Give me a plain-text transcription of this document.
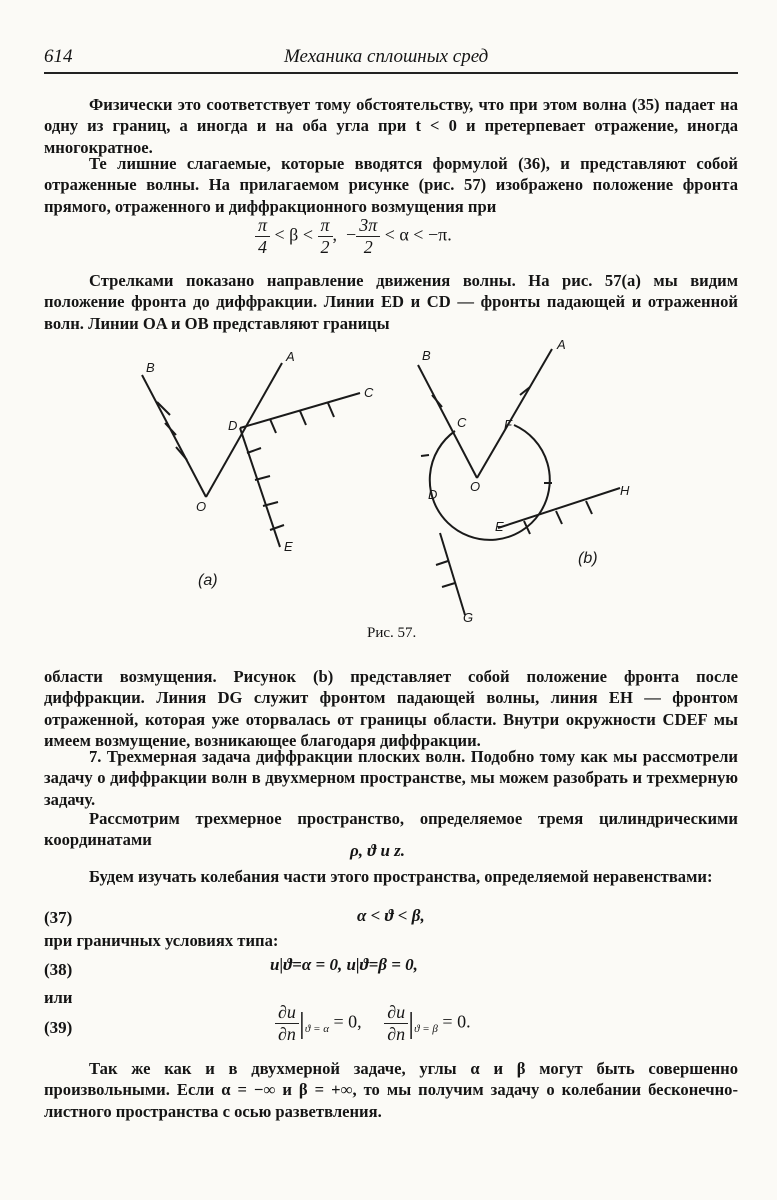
614	Механика сплошных сред

Физически это соответствует тому обстоятельству, что при этом волна (35) падает на одну из границ, а иногда и на оба угла при t < 0 и претерпевает отражение, иногда многократное.

Те лишние слагаемые, которые вводятся формулой (36), и представляют собой отраженные волны. На прилагаемом рисунке (рис. 57) изображено положение фронта прямого, отраженного и диффракционного возмущения при

$\frac{\pi}{4} < \beta < \frac{\pi}{2}$ , − $\frac{3\pi}{2} < \alpha < -\pi$.

Стрелками показано направление движения волны. На рис. 57(a) мы видим положение фронта до диффракции. Линии ED и CD — фронты падающей и отраженной волн. Линии OA и OB представляют границы

B
A
C
D
O
E
(a)
B
A
C	F
O
D
E
H
G
(b)
Рис. 57.

области возмущения. Рисунок (b) представляет собой положение фронта после диффракции. Линия DG служит фронтом падающей волны, линия EH — фронтом отраженной, которая уже оторвалась от границы области. Внутри окружности CDEF мы имеем возмущение, возникающее благодаря диффракции.

7. Трехмерная задача диффракции плоских волн. Подобно тому как мы рассмотрели задачу о диффракции волн в двухмерном пространстве, мы можем разобрать и трехмерную задачу.

Рассмотрим трехмерное пространство, определяемое тремя цилиндрическими координатами

ρ, ϑ и z.

Будем изучать колебания части этого пространства, определяемой неравенствами:

(37)	α < ϑ < β,

при граничных условиях типа:

(38)	u|ϑ=α = 0, u|ϑ=β = 0,

или

(39)	$\frac{\partial u}{\partial n} |_{ϑ = \alpha} = 0$, $\frac{\partial u}{\partial n} |_{ϑ = \beta} = 0$.

Так же как и в двухмерной задаче, углы α и β могут быть совершенно произвольными. Если α = −∞ и β = +∞, то мы получим задачу о колебании бесконечно-листного пространства с осью разветвления.
